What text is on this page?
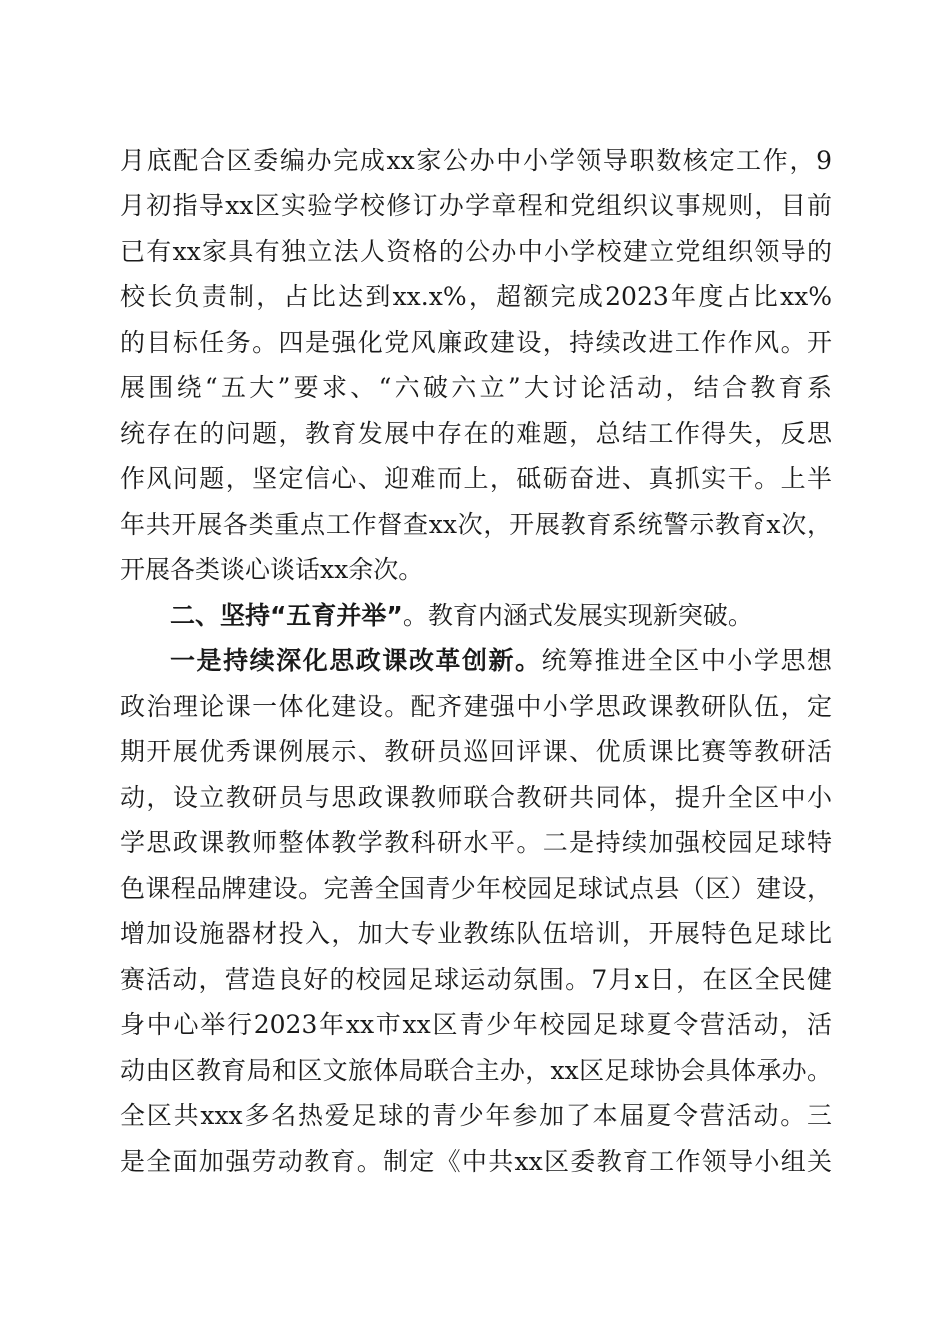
月底配合区委编办完成xx家公办中小学领导职数核定工作，9
月初指导xx区实验学校修订办学章程和党组织议事规则，目前
已有xx家具有独立法人资格的公办中小学校建立党组织领导的
校长负责制，占比达到xx.x%，超额完成2023年度占比xx%
的目标任务。四是强化党风廉政建设，持续改进工作作风。开
展围绕“五大”要求、“六破六立”大讨论活动，结合教育系
统存在的问题，教育发展中存在的难题，总结工作得失，反思
作风问题，坚定信心、迎难而上，砥砺奋进、真抓实干。上半
年共开展各类重点工作督查xx次，开展教育系统警示教育x次，
开展各类谈心谈话xx余次。
二、坚持“五育并举”。教育内涵式发展实现新突破。
一是持续深化思政课改革创新。统筹推进全区中小学思想
政治理论课一体化建设。配齐建强中小学思政课教研队伍，定
期开展优秀课例展示、教研员巡回评课、优质课比赛等教研活
动，设立教研员与思政课教师联合教研共同体，提升全区中小
学思政课教师整体教学教科研水平。二是持续加强校园足球特
色课程品牌建设。完善全国青少年校园足球试点县（区）建设，
增加设施器材投入，加大专业教练队伍培训，开展特色足球比
赛活动，营造良好的校园足球运动氛围。7月x日，在区全民健
身中心举行2023年xx市xx区青少年校园足球夏令营活动，活
动由区教育局和区文旅体局联合主办，xx区足球协会具体承办。
全区共xxx多名热爱足球的青少年参加了本届夏令营活动。三
是全面加强劳动教育。制定《中共xx区委教育工作领导小组关
